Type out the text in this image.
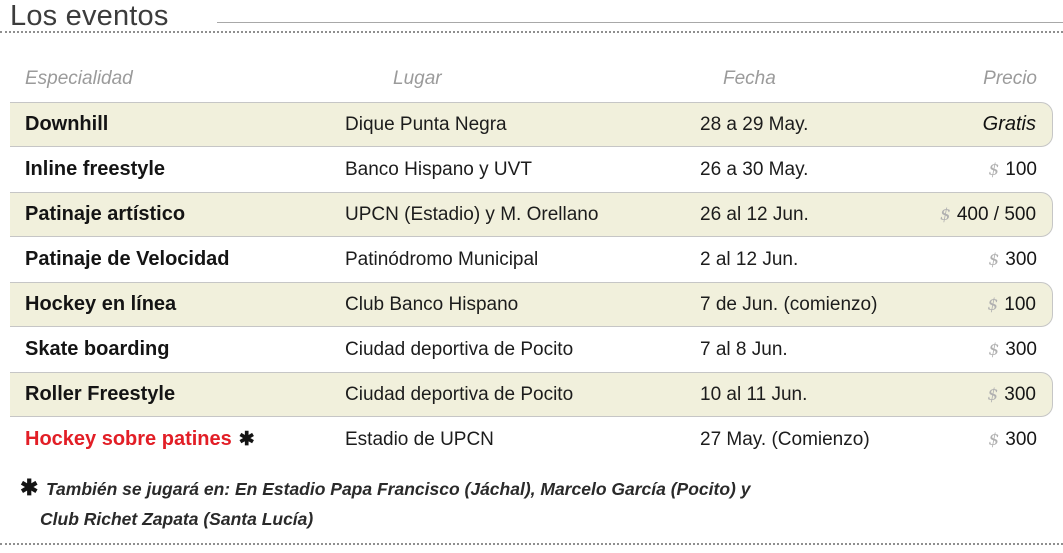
Los eventos
Especialidad	Lugar	Fecha	Precio
Downhill	Dique Punta Negra	28 a 29 May.	Gratis
Inline freestyle	Banco Hispano y UVT	26 a 30 May.	$ 100
Patinaje artístico	UPCN (Estadio) y M. Orellano	26 al 12 Jun.	$ 400 / 500
Patinaje de Velocidad	Patinódromo Municipal	2 al 12 Jun.	$ 300
Hockey en línea	Club Banco Hispano	7 de Jun. (comienzo)	$ 100
Skate boarding	Ciudad deportiva de Pocito	7 al 8 Jun.	$ 300
Roller Freestyle	Ciudad deportiva de Pocito	10 al 11 Jun.	$ 300
Hockey sobre patines ✱	Estadio de UPCN	27 May. (Comienzo)	$ 300
✱ También se jugará en: En Estadio Papa Francisco (Jáchal), Marcelo García (Pocito) y
Club Richet Zapata (Santa Lucía)
